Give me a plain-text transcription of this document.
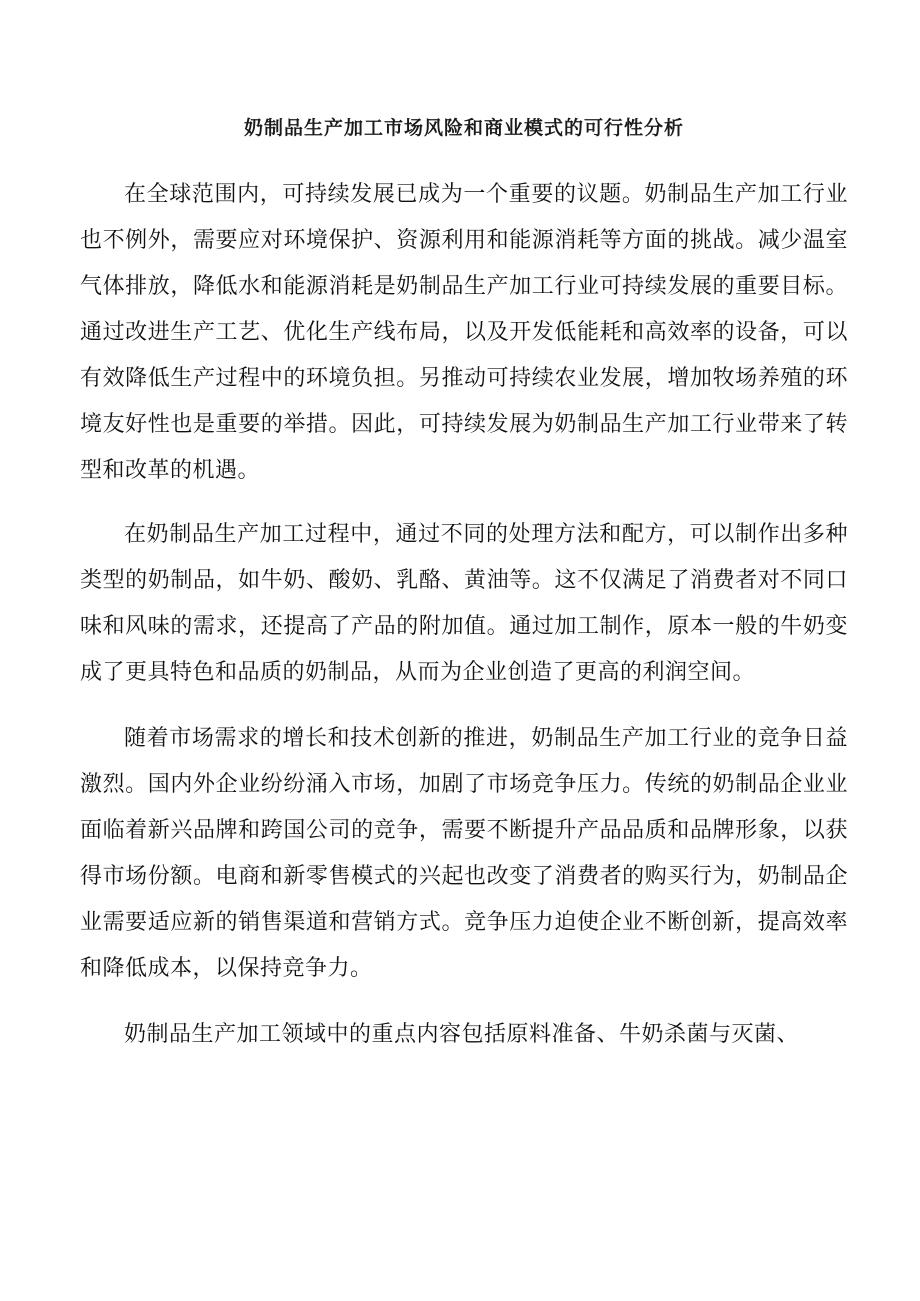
奶制品生产加工市场风险和商业模式的可行性分析

在全球范围内，可持续发展已成为一个重要的议题。奶制品生产加工行业也不例外，需要应对环境保护、资源利用和能源消耗等方面的挑战。减少温室气体排放，降低水和能源消耗是奶制品生产加工行业可持续发展的重要目标。通过改进生产工艺、优化生产线布局，以及开发低能耗和高效率的设备，可以有效降低生产过程中的环境负担。另推动可持续农业发展，增加牧场养殖的环境友好性也是重要的举措。因此，可持续发展为奶制品生产加工行业带来了转型和改革的机遇。

在奶制品生产加工过程中，通过不同的处理方法和配方，可以制作出多种类型的奶制品，如牛奶、酸奶、乳酪、黄油等。这不仅满足了消费者对不同口味和风味的需求，还提高了产品的附加值。通过加工制作，原本一般的牛奶变成了更具特色和品质的奶制品，从而为企业创造了更高的利润空间。

随着市场需求的增长和技术创新的推进，奶制品生产加工行业的竞争日益激烈。国内外企业纷纷涌入市场，加剧了市场竞争压力。传统的奶制品企业业面临着新兴品牌和跨国公司的竞争，需要不断提升产品品质和品牌形象，以获得市场份额。电商和新零售模式的兴起也改变了消费者的购买行为，奶制品企业需要适应新的销售渠道和营销方式。竞争压力迫使企业不断创新，提高效率和降低成本，以保持竞争力。

奶制品生产加工领域中的重点内容包括原料准备、牛奶杀菌与灭菌、
